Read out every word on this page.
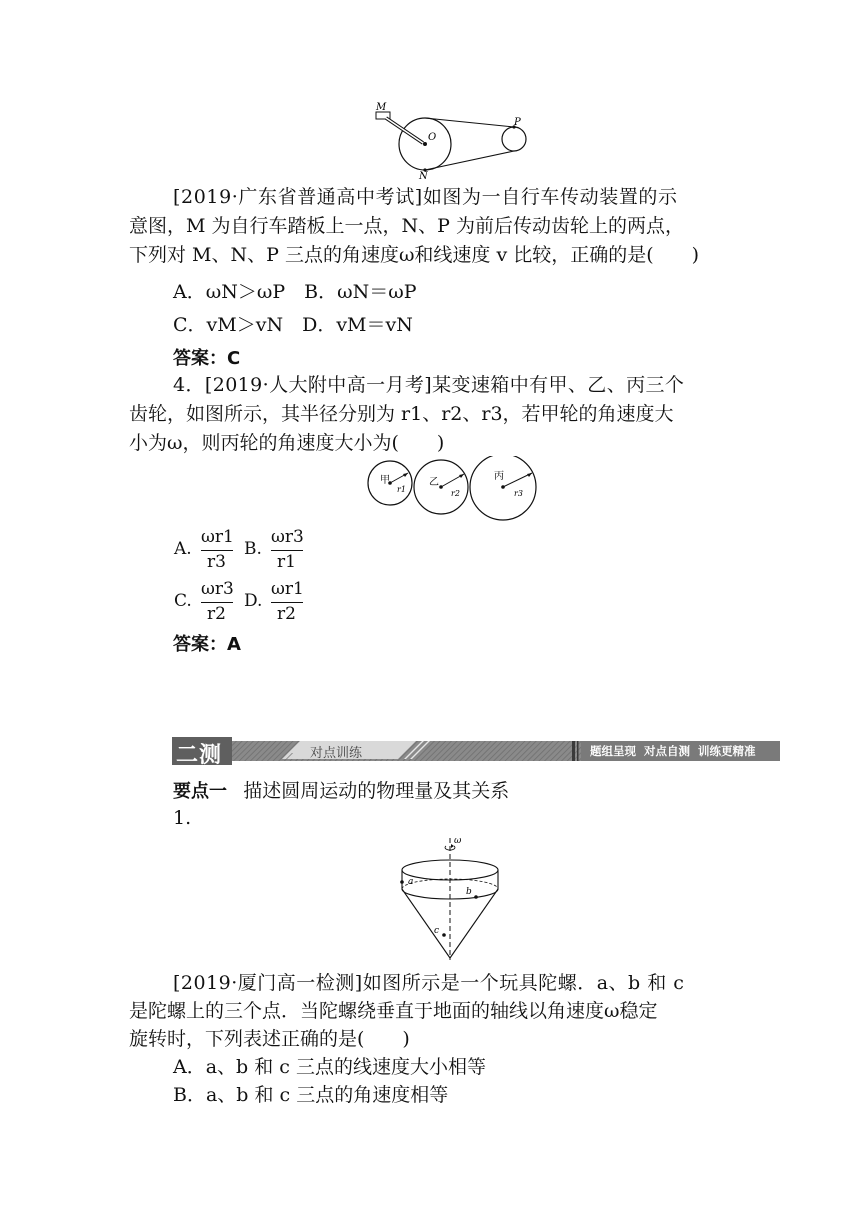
M
O
N
P
[2019·广东省普通高中考试]如图为一自行车传动装置的示
意图，M 为自行车踏板上一点，N、P 为前后传动齿轮上的两点，
下列对 M、N、P 三点的角速度ω和线速度 v 比较，正确的是(　　)
A．ωN＞ωP　B．ωN＝ωP
C．vM＞vN　D．vM＝vN
答案：C
4．[2019·人大附中高一月考]某变速箱中有甲、乙、丙三个
齿轮，如图所示，其半径分别为 r1、r2、r3，若甲轮的角速度大
小为ω，则丙轮的角速度大小为(　　)
甲	乙
丙
r1	r2	r3
A.
ωr1
r3
B.
ωr3
r1
C.
ωr3
r2
D.
ωr1
r2
答案：A
二测	对点训练	题组呈现  对点自测  训练更精准
要点一 描述圆周运动的物理量及其关系
1.
ω
a
b
c
[2019·厦门高一检测]如图所示是一个玩具陀螺．a、b 和 c
是陀螺上的三个点．当陀螺绕垂直于地面的轴线以角速度ω稳定
旋转时，下列表述正确的是(　　)
A．a、b 和 c 三点的线速度大小相等
B．a、b 和 c 三点的角速度相等
